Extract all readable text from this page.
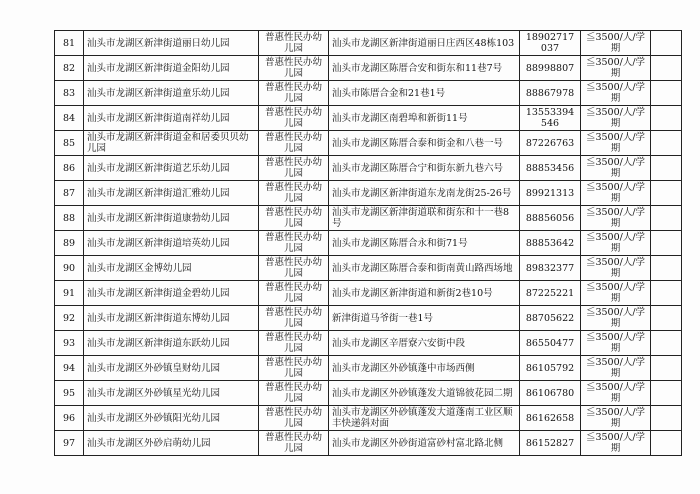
81	汕头市龙湖区新津街道丽日幼儿园	普惠性民办幼儿园	汕头市龙湖区新津街道丽日庄西区48栋103	18902717037	≦3500/人/学期	
82	汕头市龙湖区新津街道金阳幼儿园	普惠性民办幼儿园	汕头市龙湖区陈厝合安和街东和11巷7号	88998807	≦3500/人/学期	
83	汕头市龙湖区新津街道童乐幼儿园	普惠性民办幼儿园	汕头市陈厝合金和21巷1号	88867978	≦3500/人/学期	
84	汕头市龙湖区新津街道南祥幼儿园	普惠性民办幼儿园	汕头市龙湖区南碧埠和新街11号	13553394546	≦3500/人/学期	
85	汕头市龙湖区新津街道金和居委贝贝幼儿园	普惠性民办幼儿园	汕头市龙湖区陈厝合泰和街金和八巷一号	87226763	≦3500/人/学期	
86	汕头市龙湖区新津街道艺乐幼儿园	普惠性民办幼儿园	汕头市龙湖区陈厝合宁和街东新九巷六号	88853456	≦3500/人/学期	
87	汕头市龙湖区新津街道汇雅幼儿园	普惠性民办幼儿园	汕头市龙湖区新津街道东龙南龙街25-26号	89921313	≦3500/人/学期	
88	汕头市龙湖区新津街道康勃幼儿园	普惠性民办幼儿园	汕头市龙湖区新津街道联和街东和十一巷8号	88856056	≦3500/人/学期	
89	汕头市龙湖区新津街道培英幼儿园	普惠性民办幼儿园	汕头市龙湖区陈厝合永和街71号	88853642	≦3500/人/学期	
90	汕头市龙湖区金博幼儿园	普惠性民办幼儿园	汕头市龙湖区陈厝合泰和街南黄山路西场地	89832377	≦3500/人/学期	
91	汕头市龙湖区新津街道金碧幼儿园	普惠性民办幼儿园	汕头市龙湖区新津街道和新街2巷10号	87225221	≦3500/人/学期	
92	汕头市龙湖区新津街道东博幼儿园	普惠性民办幼儿园	新津街道马爷街一巷1号	88705622	≦3500/人/学期	
93	汕头市龙湖区新津街道东跃幼儿园	普惠性民办幼儿园	汕头市龙湖区辛厝寮六安街中段	86550477	≦3500/人/学期	
94	汕头市龙湖区外砂镇皇财幼儿园	普惠性民办幼儿园	汕头市龙湖区外砂镇蓬中市场西侧	86105792	≦3500/人/学期	
95	汕头市龙湖区外砂镇星光幼儿园	普惠性民办幼儿园	汕头市龙湖区外砂镇蓬发大道锦彼花园二期	86106780	≦3500/人/学期	
96	汕头市龙湖区外砂镇阳光幼儿园	普惠性民办幼儿园	汕头市龙湖区外砂镇蓬发大道蓬南工业区顺丰快递斜对面	86162658	≦3500/人/学期	
97	汕头市龙湖区外砂启萌幼儿园	普惠性民办幼儿园	汕头市龙湖区外砂街道富砂村富北路北侧	86152827	≦3500/人/学期	
